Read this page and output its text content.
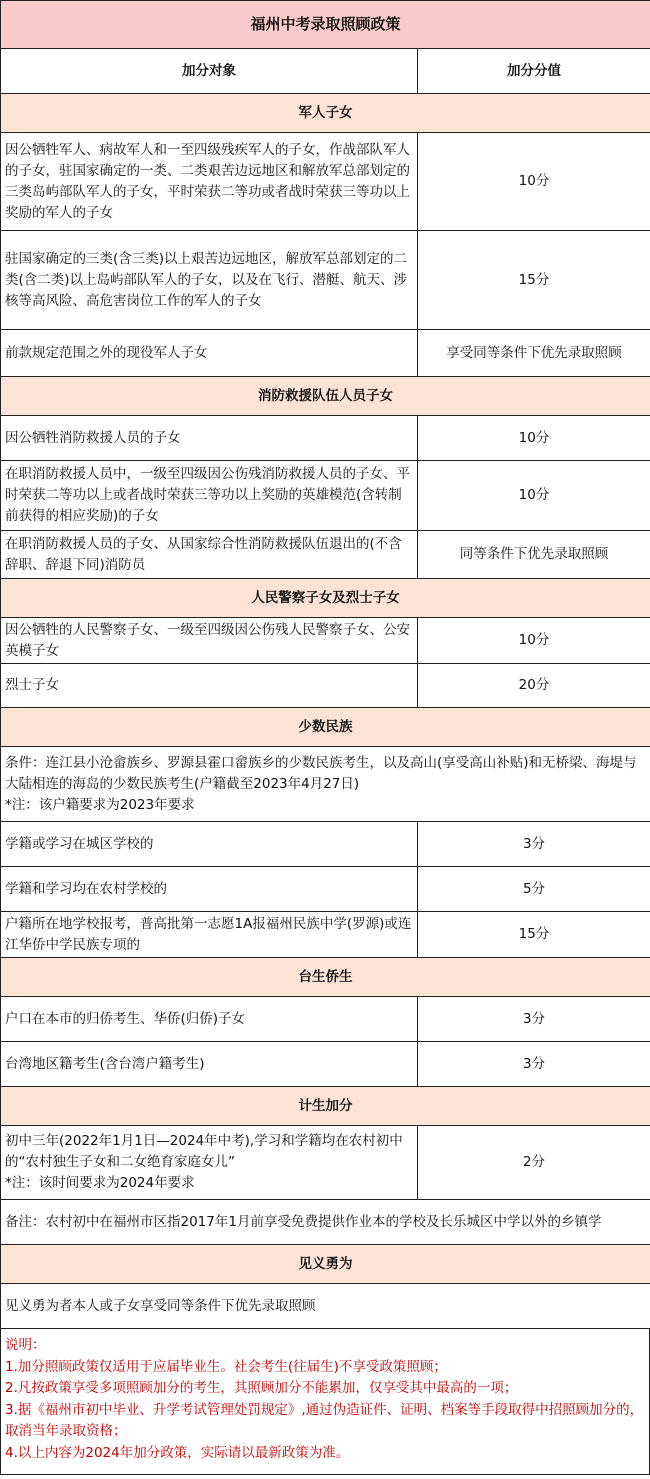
福州中考录取照顾政策	
加分对象	加分分值
军人子女	
因公牺牲军人、病故军人和一至四级残疾军人的子女，作战部队军人的子女，驻国家确定的一类、二类艰苦边远地区和解放军总部划定的三类岛屿部队军人的子女，平时荣获二等功或者战时荣获三等功以上奖励的军人的子女	10分
驻国家确定的三类(含三类)以上艰苦边远地区，解放军总部划定的二类(含二类)以上岛屿部队军人的子女，以及在飞行、潜艇、航天、涉核等高风险、高危害岗位工作的军人的子女	15分
前款规定范围之外的现役军人子女	享受同等条件下优先录取照顾
消防救援队伍人员子女	
因公牺牲消防救援人员的子女	10分
在职消防救援人员中，一级至四级因公伤残消防救援人员的子女、平时荣获二等功以上或者战时荣获三等功以上奖励的英雄模范(含转制前获得的相应奖励)的子女	10分
在职消防救援人员的子女、从国家综合性消防救援队伍退出的(不含辞职、辞退下同)消防员	同等条件下优先录取照顾
人民警察子女及烈士子女	
因公牺牲的人民警察子女、一级至四级因公伤残人民警察子女、公安英模子女	10分
烈士子女	20分
少数民族	

条件：连江县小沧畲族乡、罗源县霍口畲族乡的少数民族考生，以及高山(享受高山补贴)和无桥梁、海堤与大陆相连的海岛的少数民族考生(户籍截至2023年4月27日)
*注：该户籍要求为2023年要求	

学籍或学习在城区学校的	3分
学籍和学习均在农村学校的	5分
户籍所在地学校报考，普高批第一志愿1A报福州民族中学(罗源)或连江华侨中学民族专项的	15分
台生侨生	
户口在本市的归侨考生、华侨(归侨)子女	3分
台湾地区籍考生(含台湾户籍考生)	3分
计生加分	

初中三年(2022年1月1日—2024年中考),学习和学籍均在农村初中的“农村独生子女和二女绝育家庭女儿”
*注：该时间要求为2024年要求	2分
备注：农村初中在福州市区指2017年1月前享受免费提供作业本的学校及长乐城区中学以外的乡镇学	
见义勇为	
见义勇为者本人或子女享受同等条件下优先录取照顾	
说明：
1.加分照顾政策仅适用于应届毕业生。社会考生(往届生)不享受政策照顾；
2.凡按政策享受多项照顾加分的考生，其照顾加分不能累加，仅享受其中最高的一项；
3.据《福州市初中毕业、升学考试管理处罚规定》,通过伪造证件、证明、档案等手段取得中招照顾加分的，取消当年录取资格；
4.以上内容为2024年加分政策，实际请以最新政策为准。
